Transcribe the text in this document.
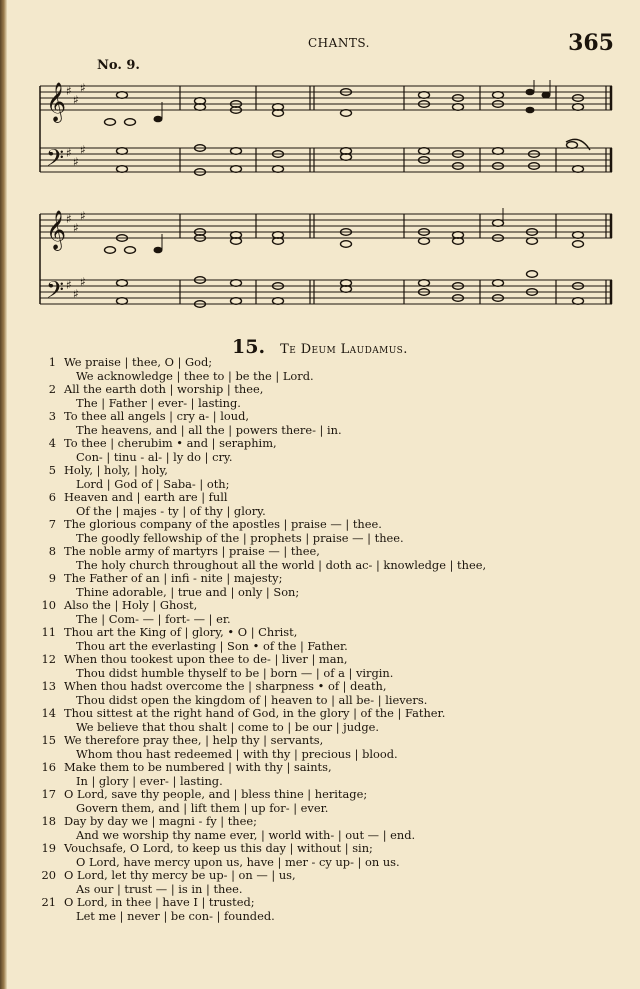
CHANTS.	365
No. 9.
𝄞
𝄢
♯
♯
♯
♯
♯
♯
𝄞
𝄢
♯
♯
♯
♯
♯
♯
15. Te Deum Laudamus.
1 We praise | thee, O | God;
We acknowledge | thee to | be the | Lord.
2 All the earth doth | worship | thee,
The | Father | ever- | lasting.
3 To thee all angels | cry a- | loud,
The heavens, and | all the | powers there- | in.
4 To thee | cherubim • and | seraphim,
Con- | tinu - al- | ly do | cry.
5 Holy, | holy, | holy,
Lord | God of | Saba- | oth;
6 Heaven and | earth are | full
Of the | majes - ty | of thy | glory.
7 The glorious company of the apostles | praise — | thee.
The goodly fellowship of the | prophets | praise — | thee.
8 The noble army of martyrs | praise — | thee,
The holy church throughout all the world | doth ac- | knowledge | thee,
9 The Father of an | infi - nite | majesty;
Thine adorable, | true and | only | Son;
10 Also the | Holy | Ghost,
The | Com- — | fort- — | er.
11 Thou art the King of | glory, • O | Christ,
Thou art the everlasting | Son • of the | Father.
12 When thou tookest upon thee to de- | liver | man,
Thou didst humble thyself to be | born — | of a | virgin.
13 When thou hadst overcome the | sharpness • of | death,
Thou didst open the kingdom of | heaven to | all be- | lievers.
14 Thou sittest at the right hand of God, in the glory | of the | Father.
We believe that thou shalt | come to | be our | judge.
15 We therefore pray thee, | help thy | servants,
Whom thou hast redeemed | with thy | precious | blood.
16 Make them to be numbered | with thy | saints,
In | glory | ever- | lasting.
17 O Lord, save thy people, and | bless thine | heritage;
Govern them, and | lift them | up for- | ever.
18 Day by day we | magni - fy | thee;
And we worship thy name ever, | world with- | out — | end.
19 Vouchsafe, O Lord, to keep us this day | without | sin;
O Lord, have mercy upon us, have | mer - cy up- | on us.
20 O Lord, let thy mercy be up- | on — | us,
As our | trust — | is in | thee.
21 O Lord, in thee | have I | trusted;
Let me | never | be con- | founded.
